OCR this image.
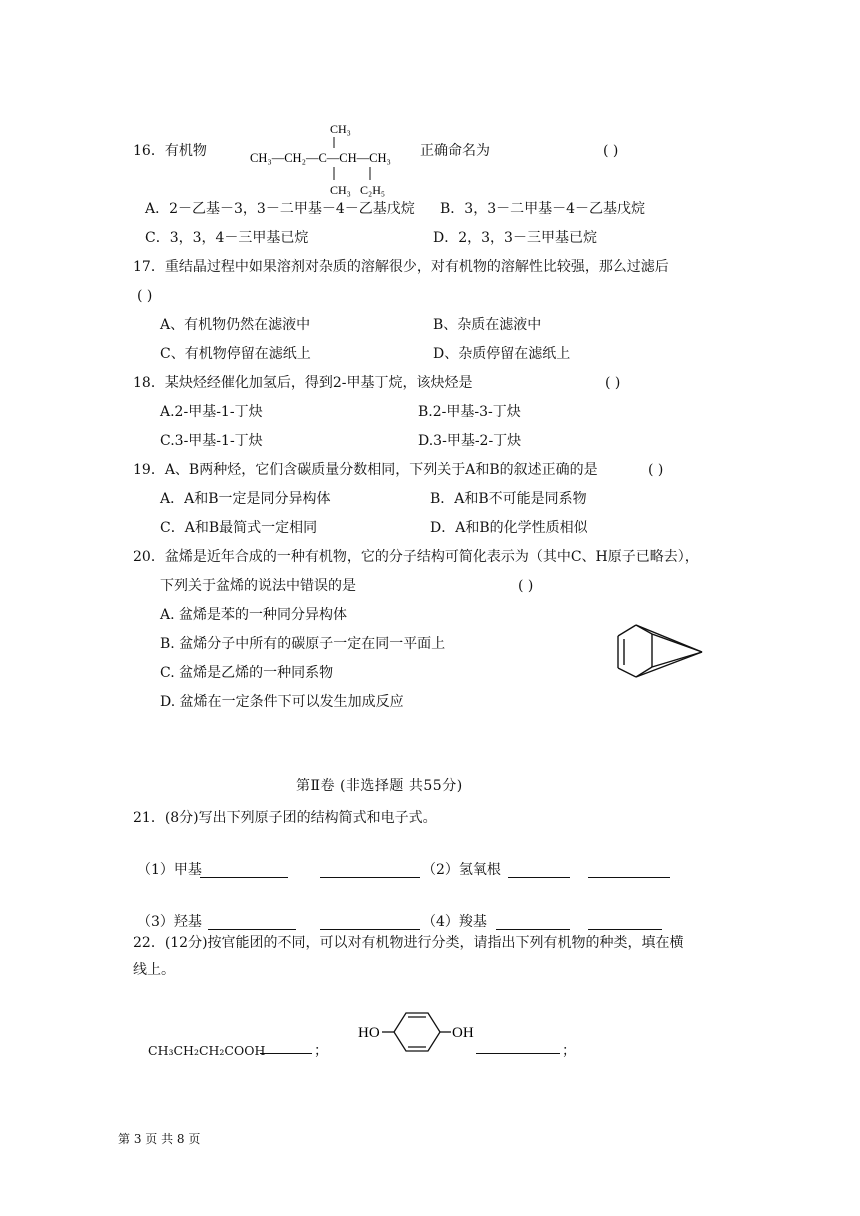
16．有机物
CH₃
CH₃—CH₂—C—CH—CH₃
CH₃ C₂H₅
正确命名为	( )
A．2－乙基－3，3－二甲基－4－乙基戊烷 B．3，3－二甲基－4－乙基戊烷
C．3，3，4－三甲基已烷	D．2，3，3－三甲基已烷
17．重结晶过程中如果溶剂对杂质的溶解很少，对有机物的溶解性比较强，那么过滤后
( )
A、有机物仍然在滤液中	B、杂质在滤液中
C、有机物停留在滤纸上	D、杂质停留在滤纸上
18．某炔烃经催化加氢后，得到2-甲基丁烷，该炔烃是	( )
A.2-甲基-1-丁炔	B.2-甲基-3-丁炔
C.3-甲基-1-丁炔	D.3-甲基-2-丁炔
19．A、B两种烃，它们含碳质量分数相同，下列关于A和B的叙述正确的是	( )
A．A和B一定是同分异构体	B．A和B不可能是同系物
C．A和B最简式一定相同	D．A和B的化学性质相似
20．盆烯是近年合成的一种有机物，它的分子结构可简化表示为（其中C、H原子已略去），
下列关于盆烯的说法中错误的是	( )
A. 盆烯是苯的一种同分异构体
B. 盆烯分子中所有的碳原子一定在同一平面上
C. 盆烯是乙烯的一种同系物
D. 盆烯在一定条件下可以发生加成反应
第Ⅱ卷 (非选择题 共55分)
21．(8分)写出下列原子团的结构简式和电子式。
（1）甲基	（2）氢氧根
（3）羟基	（4）羧基
22．(12分)按官能团的不同，可以对有机物进行分类，请指出下列有机物的种类，填在横
线上。
CH₃CH₂CH₂COOH	；
HO	OH
；
第 3 页 共 8 页
